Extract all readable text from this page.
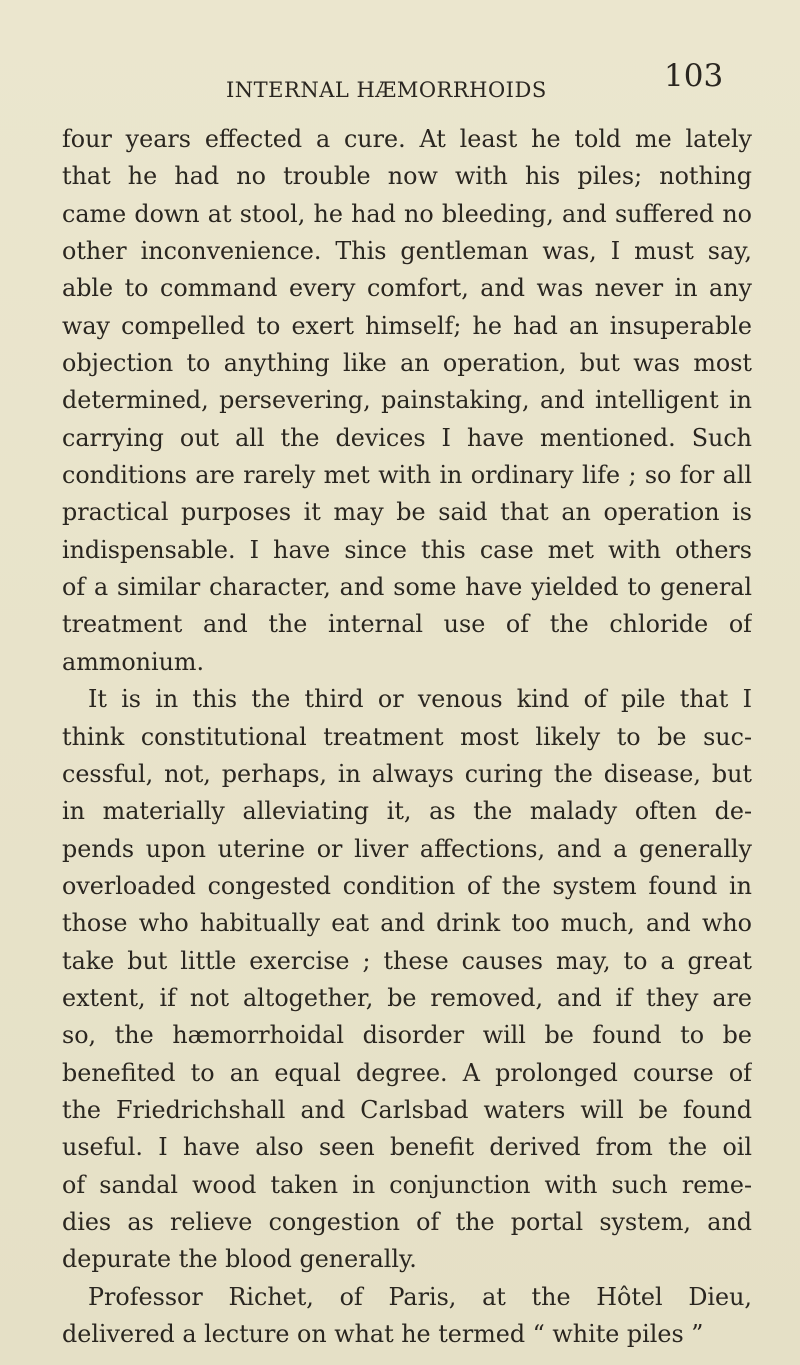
INTERNAL HÆMORRHOIDS	103
four years effected a cure. At least he told me lately
that he had no trouble now with his piles; nothing
came down at stool, he had no bleeding, and suffered no
other inconvenience. This gentleman was, I must say,
able to command every comfort, and was never in any
way compelled to exert himself; he had an insuperable
objection to anything like an operation, but was most
determined, persevering, painstaking, and intelligent in
carrying out all the devices I have mentioned. Such
conditions are rarely met with in ordinary life ; so for all
practical purposes it may be said that an operation is
indispensable. I have since this case met with others
of a similar character, and some have yielded to general
treatment and the internal use of the chloride of
ammonium.
It is in this the third or venous kind of pile that I
think constitutional treatment most likely to be suc-
cessful, not, perhaps, in always curing the disease, but
in materially alleviating it, as the malady often de-
pends upon uterine or liver affections, and a generally
overloaded congested condition of the system found in
those who habitually eat and drink too much, and who
take but little exercise ; these causes may, to a great
extent, if not altogether, be removed, and if they are
so, the hæmorrhoidal disorder will be found to be
benefited to an equal degree. A prolonged course of
the Friedrichshall and Carlsbad waters will be found
useful. I have also seen benefit derived from the oil
of sandal wood taken in conjunction with such reme-
dies as relieve congestion of the portal system, and
depurate the blood generally.
Professor Richet, of Paris, at the Hôtel Dieu,
delivered a lecture on what he termed “ white piles ”
